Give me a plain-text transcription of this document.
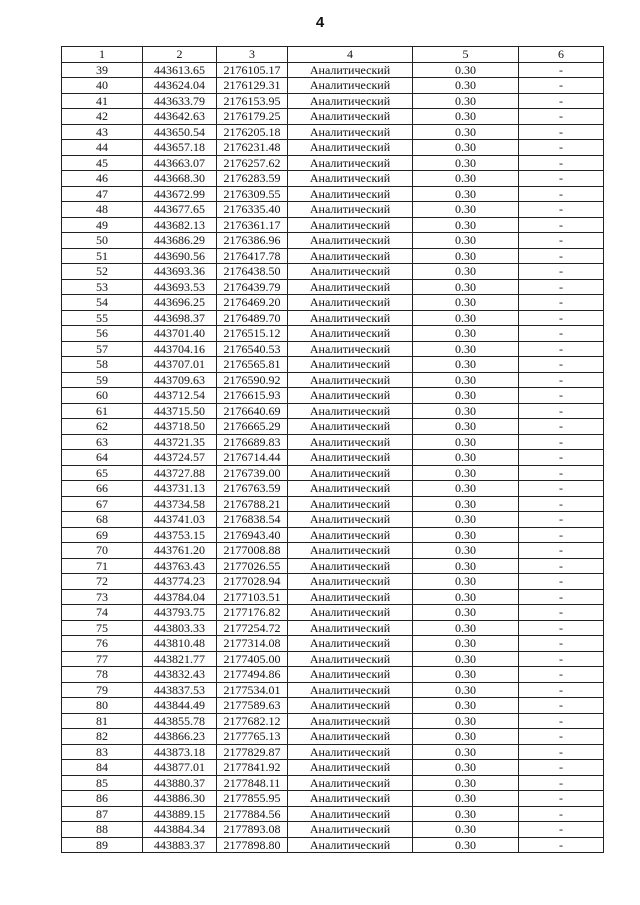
4
1	2	3	4	5	6
39	443613.65	2176105.17	Аналитический	0.30	-
40	443624.04	2176129.31	Аналитический	0.30	-
41	443633.79	2176153.95	Аналитический	0.30	-
42	443642.63	2176179.25	Аналитический	0.30	-
43	443650.54	2176205.18	Аналитический	0.30	-
44	443657.18	2176231.48	Аналитический	0.30	-
45	443663.07	2176257.62	Аналитический	0.30	-
46	443668.30	2176283.59	Аналитический	0.30	-
47	443672.99	2176309.55	Аналитический	0.30	-
48	443677.65	2176335.40	Аналитический	0.30	-
49	443682.13	2176361.17	Аналитический	0.30	-
50	443686.29	2176386.96	Аналитический	0.30	-
51	443690.56	2176417.78	Аналитический	0.30	-
52	443693.36	2176438.50	Аналитический	0.30	-
53	443693.53	2176439.79	Аналитический	0.30	-
54	443696.25	2176469.20	Аналитический	0.30	-
55	443698.37	2176489.70	Аналитический	0.30	-
56	443701.40	2176515.12	Аналитический	0.30	-
57	443704.16	2176540.53	Аналитический	0.30	-
58	443707.01	2176565.81	Аналитический	0.30	-
59	443709.63	2176590.92	Аналитический	0.30	-
60	443712.54	2176615.93	Аналитический	0.30	-
61	443715.50	2176640.69	Аналитический	0.30	-
62	443718.50	2176665.29	Аналитический	0.30	-
63	443721.35	2176689.83	Аналитический	0.30	-
64	443724.57	2176714.44	Аналитический	0.30	-
65	443727.88	2176739.00	Аналитический	0.30	-
66	443731.13	2176763.59	Аналитический	0.30	-
67	443734.58	2176788.21	Аналитический	0.30	-
68	443741.03	2176838.54	Аналитический	0.30	-
69	443753.15	2176943.40	Аналитический	0.30	-
70	443761.20	2177008.88	Аналитический	0.30	-
71	443763.43	2177026.55	Аналитический	0.30	-
72	443774.23	2177028.94	Аналитический	0.30	-
73	443784.04	2177103.51	Аналитический	0.30	-
74	443793.75	2177176.82	Аналитический	0.30	-
75	443803.33	2177254.72	Аналитический	0.30	-
76	443810.48	2177314.08	Аналитический	0.30	-
77	443821.77	2177405.00	Аналитический	0.30	-
78	443832.43	2177494.86	Аналитический	0.30	-
79	443837.53	2177534.01	Аналитический	0.30	-
80	443844.49	2177589.63	Аналитический	0.30	-
81	443855.78	2177682.12	Аналитический	0.30	-
82	443866.23	2177765.13	Аналитический	0.30	-
83	443873.18	2177829.87	Аналитический	0.30	-
84	443877.01	2177841.92	Аналитический	0.30	-
85	443880.37	2177848.11	Аналитический	0.30	-
86	443886.30	2177855.95	Аналитический	0.30	-
87	443889.15	2177884.56	Аналитический	0.30	-
88	443884.34	2177893.08	Аналитический	0.30	-
89	443883.37	2177898.80	Аналитический	0.30	-
